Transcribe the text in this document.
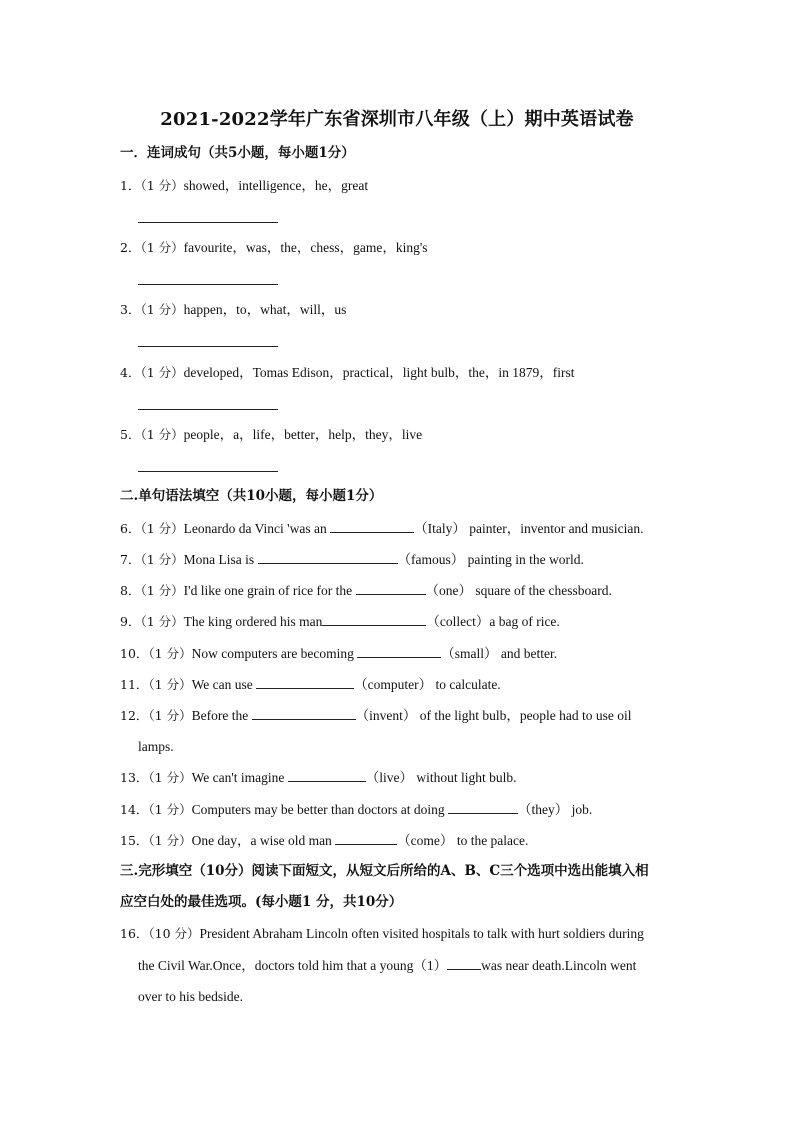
2021-2022学年广东省深圳市八年级（上）期中英语试卷
一．连词成句（共5小题，每小题1分）
1．（1 分）showed，intelligence，he，great
2．（1 分）favourite，was，the，chess，game，king's
3．（1 分）happen，to，what，will，us
4．（1 分）developed，Tomas Edison，practical，light bulb，the，in 1879，first
5．（1 分）people，a，life，better，help，they，live
二.单句语法填空（共10小题，每小题1分）
6．（1 分）Leonardo da Vinci 'was an	（Italy） painter，inventor and musician.
7．（1 分）Mona Lisa is	（famous） painting in the world.
8．（1 分）I'd like one grain of rice for the	（one） square of the chessboard.
9．（1 分）The king ordered his man	（collect）a bag of rice.
10．（1 分）Now computers are becoming	（small） and better.
11．（1 分）We can use	（computer） to calculate.
12．（1 分）Before the	（invent） of the light bulb，people had to use oil
lamps.
13．（1 分）We can't imagine	（live） without light bulb.
14．（1 分）Computers may be better than doctors at doing	（they） job.
15．（1 分）One day，a wise old man	（come） to the palace.
三.完形填空（10分）阅读下面短文，从短文后所给的A、B、C三个选项中选出能填入相
应空白处的最佳选项。(每小题1 分，共10分）
16．（10 分）President Abraham Lincoln often visited hospitals to talk with hurt soldiers during
the Civil War.Once，doctors told him that a young（1）	was near death.Lincoln went
over to his bedside.
